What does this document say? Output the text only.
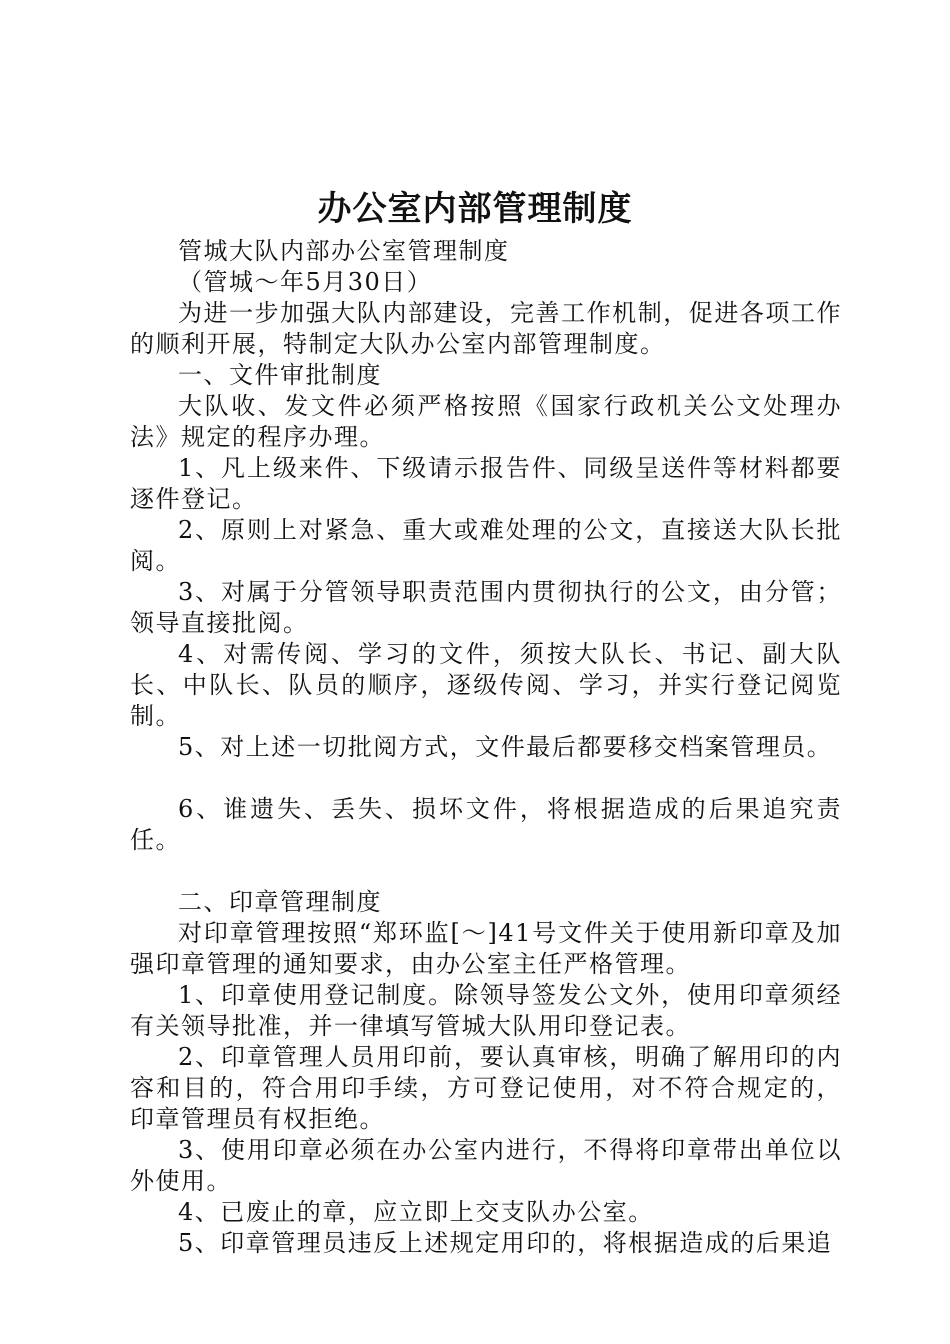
办公室内部管理制度

管城大队内部办公室管理制度

（管城～年5月30日）

为进一步加强大队内部建设，完善工作机制，促进各项工作的顺利开展，特制定大队办公室内部管理制度。

一、文件审批制度

大队收、发文件必须严格按照《国家行政机关公文处理办法》规定的程序办理。

1、凡上级来件、下级请示报告件、同级呈送件等材料都要逐件登记。

2、原则上对紧急、重大或难处理的公文，直接送大队长批阅。

3、对属于分管领导职责范围内贯彻执行的公文，由分管；领导直接批阅。

4、对需传阅、学习的文件，须按大队长、书记、副大队长、中队长、队员的顺序，逐级传阅、学习，并实行登记阅览制。

5、对上述一切批阅方式，文件最后都要移交档案管理员。

6、谁遗失、丢失、损坏文件，将根据造成的后果追究责任。

二、印章管理制度

对印章管理按照“郑环监[～]41号文件关于使用新印章及加强印章管理的通知要求，由办公室主任严格管理。

1、印章使用登记制度。除领导签发公文外，使用印章须经有关领导批准，并一律填写管城大队用印登记表。

2、印章管理人员用印前，要认真审核，明确了解用印的内容和目的，符合用印手续，方可登记使用，对不符合规定的，印章管理员有权拒绝。

3、使用印章必须在办公室内进行，不得将印章带出单位以外使用。

4、已废止的章，应立即上交支队办公室。

5、印章管理员违反上述规定用印的，将根据造成的后果追
